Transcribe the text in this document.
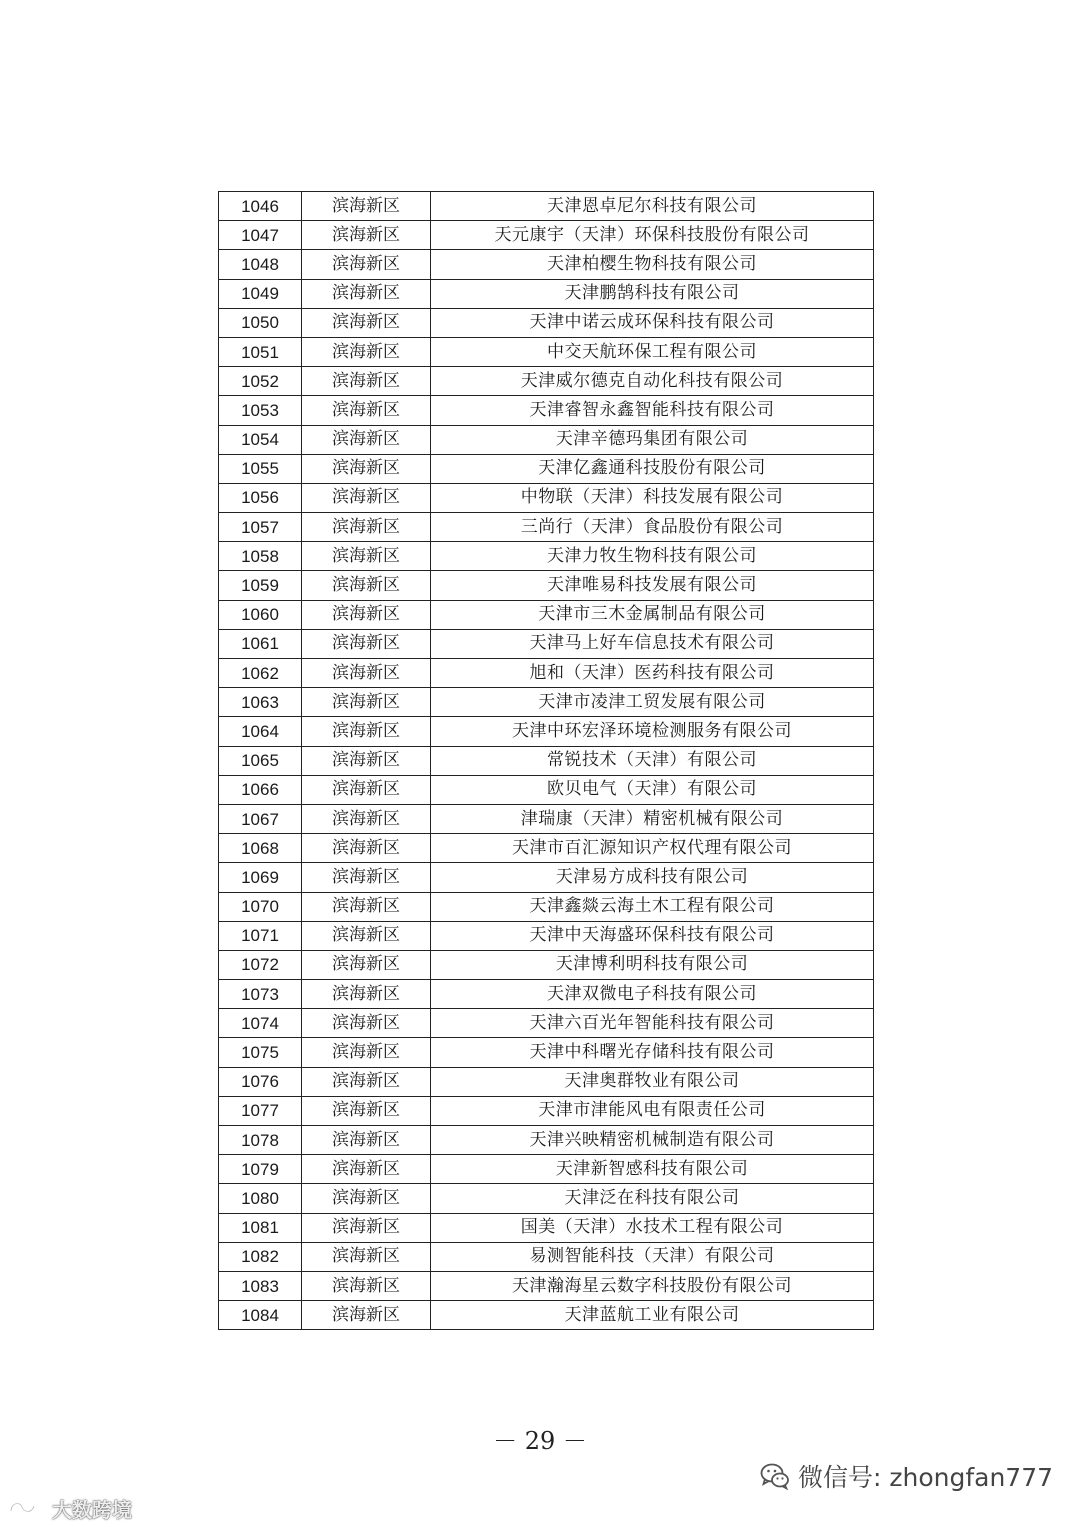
1046	滨海新区	天津恩卓尼尔科技有限公司
1047	滨海新区	天元康宇（天津）环保科技股份有限公司
1048	滨海新区	天津柏樱生物科技有限公司
1049	滨海新区	天津鹏鹄科技有限公司
1050	滨海新区	天津中诺云成环保科技有限公司
1051	滨海新区	中交天航环保工程有限公司
1052	滨海新区	天津威尔德克自动化科技有限公司
1053	滨海新区	天津睿智永鑫智能科技有限公司
1054	滨海新区	天津辛德玛集团有限公司
1055	滨海新区	天津亿鑫通科技股份有限公司
1056	滨海新区	中物联（天津）科技发展有限公司
1057	滨海新区	三尚行（天津）食品股份有限公司
1058	滨海新区	天津力牧生物科技有限公司
1059	滨海新区	天津唯易科技发展有限公司
1060	滨海新区	天津市三木金属制品有限公司
1061	滨海新区	天津马上好车信息技术有限公司
1062	滨海新区	旭和（天津）医药科技有限公司
1063	滨海新区	天津市凌津工贸发展有限公司
1064	滨海新区	天津中环宏泽环境检测服务有限公司
1065	滨海新区	常锐技术（天津）有限公司
1066	滨海新区	欧贝电气（天津）有限公司
1067	滨海新区	津瑞康（天津）精密机械有限公司
1068	滨海新区	天津市百汇源知识产权代理有限公司
1069	滨海新区	天津易方成科技有限公司
1070	滨海新区	天津鑫燚云海土木工程有限公司
1071	滨海新区	天津中天海盛环保科技有限公司
1072	滨海新区	天津博利明科技有限公司
1073	滨海新区	天津双微电子科技有限公司
1074	滨海新区	天津六百光年智能科技有限公司
1075	滨海新区	天津中科曙光存储科技有限公司
1076	滨海新区	天津奥群牧业有限公司
1077	滨海新区	天津市津能风电有限责任公司
1078	滨海新区	天津兴映精密机械制造有限公司
1079	滨海新区	天津新智感科技有限公司
1080	滨海新区	天津泛在科技有限公司
1081	滨海新区	国美（天津）水技术工程有限公司
1082	滨海新区	易测智能科技（天津）有限公司
1083	滨海新区	天津瀚海星云数字科技股份有限公司
1084	滨海新区	天津蓝航工业有限公司
－ 29 －
微信号: zhongfan777
大数跨境
